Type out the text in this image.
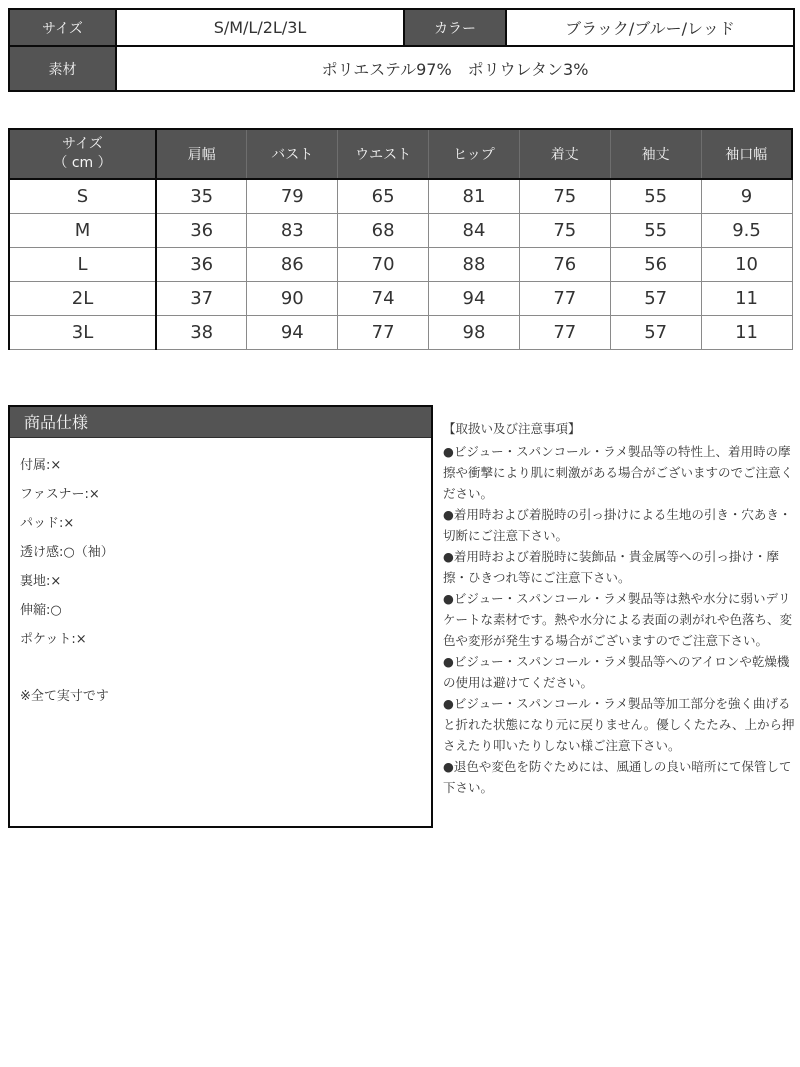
サイズ	S/M/L/2L/3L	カラー	ブラック/ブルー/レッド
素材	ポリエステル97%　ポリウレタン3%		
サイズ
（ cm ）	肩幅	バスト	ウエスト	ヒップ	着丈	袖丈	袖口幅
S	35	79	65	81	75	55	9
M	36	83	68	84	75	55	9.5
L	36	86	70	88	76	56	10
2L	37	90	74	94	77	57	11
3L	38	94	77	98	77	57	11
商品仕様
付属:×
ファスナー:×
パッド:×
透け感:○（袖）
裏地:×
伸縮:○
ポケット:×
※全て実寸です

【取扱い及び注意事項】

●ビジュー・スパンコール・ラメ製品等の特性上、着用時の摩擦や衝撃により肌に刺激がある場合がございますのでご注意ください。

●着用時および着脱時の引っ掛けによる生地の引き・穴あき・切断にご注意下さい。

●着用時および着脱時に装飾品・貴金属等への引っ掛け・摩擦・ひきつれ等にご注意下さい。

●ビジュー・スパンコール・ラメ製品等は熱や水分に弱いデリケートな素材です。熱や水分による表面の剥がれや色落ち、変色や変形が発生する場合がございますのでご注意下さい。

●ビジュー・スパンコール・ラメ製品等へのアイロンや乾燥機の使用は避けてください。

●ビジュー・スパンコール・ラメ製品等加工部分を強く曲げると折れた状態になり元に戻りません。優しくたたみ、上から押さえたり叩いたりしない様ご注意下さい。

●退色や変色を防ぐためには、風通しの良い暗所にて保管して下さい。
